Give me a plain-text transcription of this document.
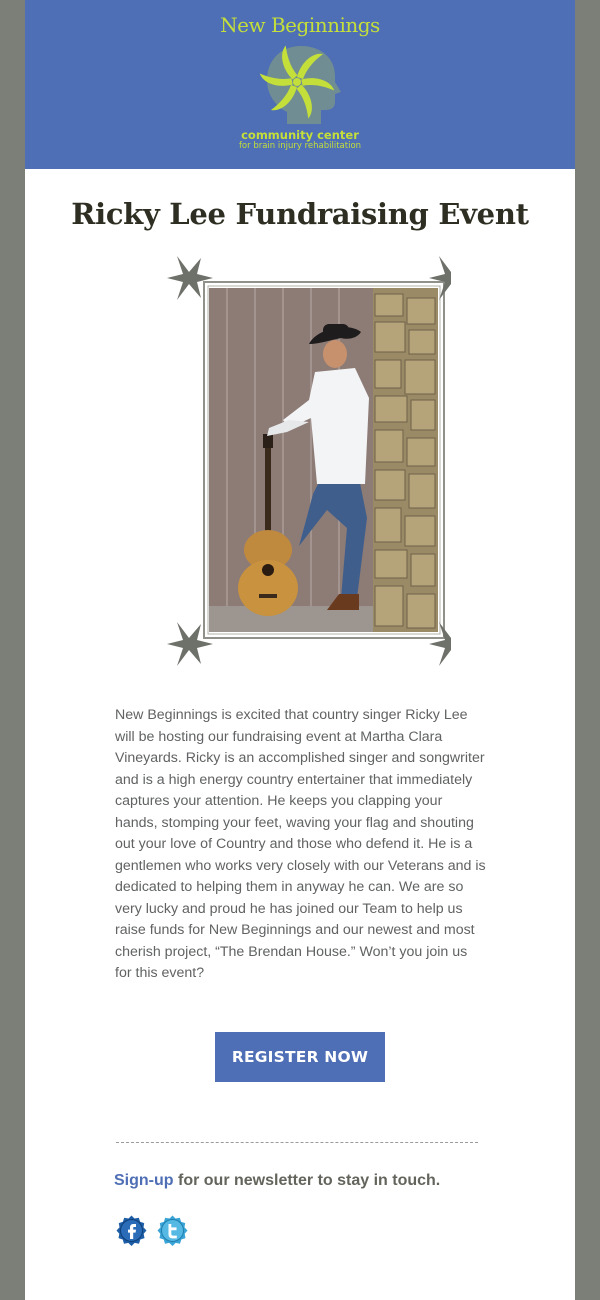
New Beginnings
community center
for brain injury rehabilitation
Ricky Lee Fundraising Event

New Beginnings is excited that country singer Ricky Lee will be hosting our fundraising event at Martha Clara Vineyards. Ricky is an accomplished singer and songwriter and is a high energy country entertainer that immediately captures your attention. He keeps you clapping your hands, stomping your feet, waving your flag and shouting out your love of Country and those who defend it. He is a gentlemen who works very closely with our Veterans and is dedicated to helping them in anyway he can. We are so very lucky and proud he has joined our Team to help us raise funds for New Beginnings and our newest and most cherish project, “The Brendan House.” Won’t you join us for this event?

REGISTER NOW
Sign-up for our newsletter to stay in touch.
